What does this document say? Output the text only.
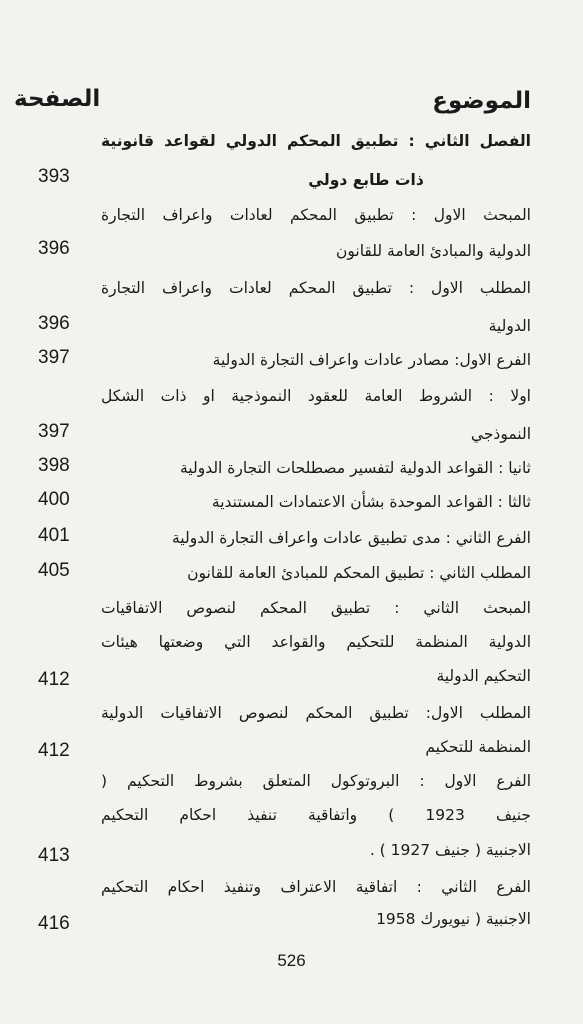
الموضوع
الصفحة
الفصل الثاني : تطبيق المحكم الدولي لقواعد قانونية
ذات طابع دولي
393
المبحث الاول : تطبيق المحكم لعادات واعراف التجارة
الدولية والمبادئ العامة للقانون
396
المطلب الاول : تطبيق المحكم لعادات واعراف التجارة
الدولية
396
الفرع الاول: مصادر عادات واعراف التجارة الدولية
397
اولا : الشروط العامة للعقود النموذجية او ذات الشكل
النموذجي
397
ثانيا : القواعد الدولية لتفسير مصطلحات التجارة الدولية
398
ثالثا : القواعد الموحدة بشأن الاعتمادات المستندية
400
الفرع الثاني : مدى تطبيق عادات واعراف التجارة الدولية
401
المطلب الثاني : تطبيق المحكم للمبادئ العامة للقانون
405
المبحث الثاني : تطبيق المحكم لنصوص الاتفاقيات
الدولية المنظمة للتحكيم والقواعد التي وضعتها هيئات
التحكيم الدولية
412
المطلب الاول: تطبيق المحكم لنصوص الاتفاقيات الدولية
المنظمة للتحكيم
412
الفرع الاول : البروتوكول المتعلق بشروط التحكيم (
جنيف 1923 ) واتفاقية تنفيذ احكام التحكيم
الاجنبية ( جنيف 1927 ) .
413
الفرع الثاني : اتفاقية الاعتراف وتنفيذ احكام التحكيم
الاجنبية ( نيويورك 1958
416
526
